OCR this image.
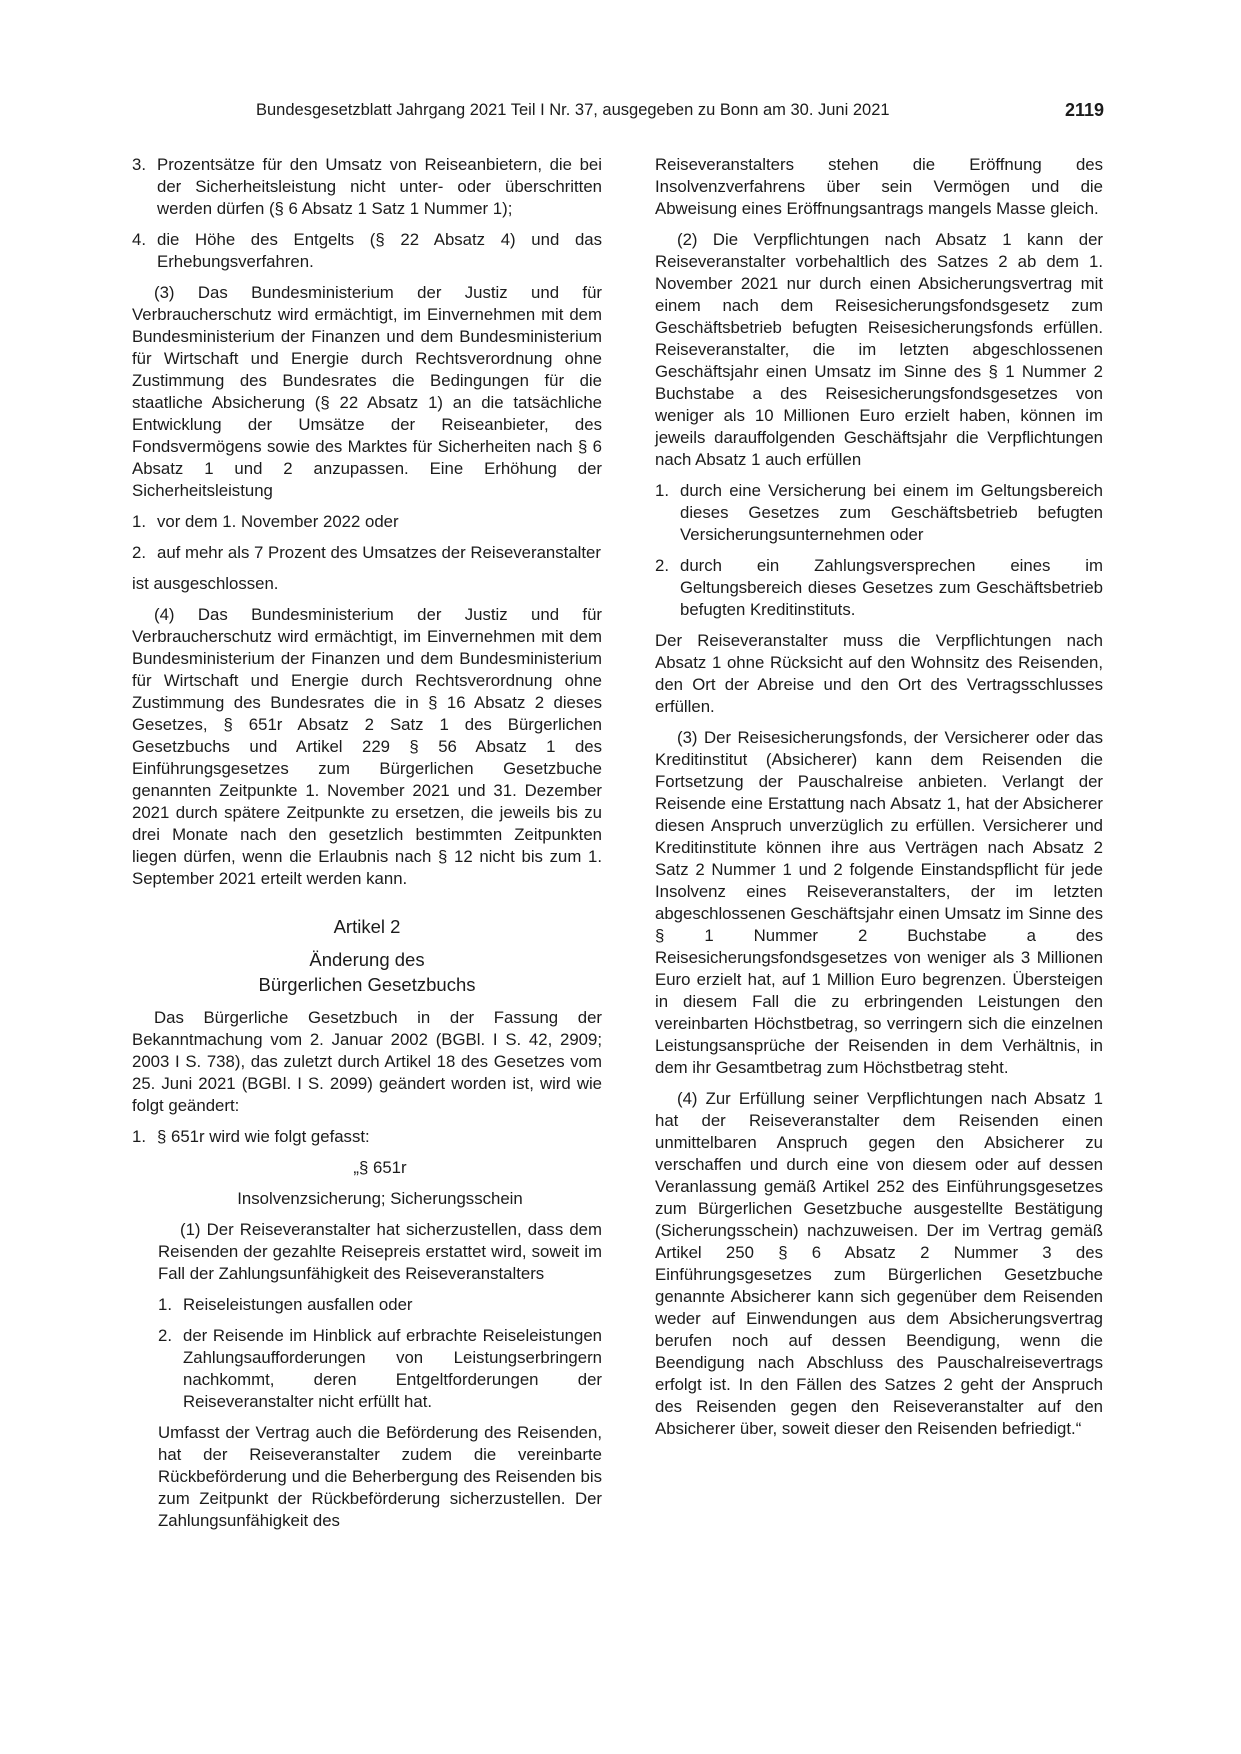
Bundesgesetzblatt Jahrgang 2021 Teil I Nr. 37, ausgegeben zu Bonn am 30. Juni 2021	2119
3. Prozentsätze für den Umsatz von Reiseanbietern, die bei der Sicherheitsleistung nicht unter- oder überschritten werden dürfen (§ 6 Absatz 1 Satz 1 Nummer 1);
4. die Höhe des Entgelts (§ 22 Absatz 4) und das Erhebungsverfahren.

(3) Das Bundesministerium der Justiz und für Verbraucherschutz wird ermächtigt, im Einvernehmen mit dem Bundesministerium der Finanzen und dem Bundesministerium für Wirtschaft und Energie durch Rechtsverordnung ohne Zustimmung des Bundesrates die Bedingungen für die staatliche Absicherung (§ 22 Absatz 1) an die tatsächliche Entwicklung der Umsätze der Reiseanbieter, des Fondsvermögens sowie des Marktes für Sicherheiten nach § 6 Absatz 1 und 2 anzupassen. Eine Erhöhung der Sicherheitsleistung

1. vor dem 1. November 2022 oder
2. auf mehr als 7 Prozent des Umsatzes der Reiseveranstalter

ist ausgeschlossen.

(4) Das Bundesministerium der Justiz und für Verbraucherschutz wird ermächtigt, im Einvernehmen mit dem Bundesministerium der Finanzen und dem Bundesministerium für Wirtschaft und Energie durch Rechtsverordnung ohne Zustimmung des Bundesrates die in § 16 Absatz 2 dieses Gesetzes, § 651r Absatz 2 Satz 1 des Bürgerlichen Gesetzbuchs und Artikel 229 § 56 Absatz 1 des Einführungsgesetzes zum Bürgerlichen Gesetzbuche genannten Zeitpunkte 1. November 2021 und 31. Dezember 2021 durch spätere Zeitpunkte zu ersetzen, die jeweils bis zu drei Monate nach den gesetzlich bestimmten Zeitpunkten liegen dürfen, wenn die Erlaubnis nach § 12 nicht bis zum 1. September 2021 erteilt werden kann.

Artikel 2
Änderung des
Bürgerlichen Gesetzbuchs

Das Bürgerliche Gesetzbuch in der Fassung der Bekanntmachung vom 2. Januar 2002 (BGBl. I S. 42, 2909; 2003 I S. 738), das zuletzt durch Artikel 18 des Gesetzes vom 25. Juni 2021 (BGBl. I S. 2099) geändert worden ist, wird wie folgt geändert:

1. § 651r wird wie folgt gefasst:
„§ 651r
Insolvenzsicherung; Sicherungsschein

(1) Der Reiseveranstalter hat sicherzustellen, dass dem Reisenden der gezahlte Reisepreis erstattet wird, soweit im Fall der Zahlungsunfähigkeit des Reiseveranstalters

1. Reiseleistungen ausfallen oder
2. der Reisende im Hinblick auf erbrachte Reiseleistungen Zahlungsaufforderungen von Leistungserbringern nachkommt, deren Entgeltforderungen der Reiseveranstalter nicht erfüllt hat.

Umfasst der Vertrag auch die Beförderung des Reisenden, hat der Reiseveranstalter zudem die vereinbarte Rückbeförderung und die Beherbergung des Reisenden bis zum Zeitpunkt der Rückbeförderung sicherzustellen. Der Zahlungsunfähigkeit des

Reiseveranstalters stehen die Eröffnung des Insolvenzverfahrens über sein Vermögen und die Abweisung eines Eröffnungsantrags mangels Masse gleich.

(2) Die Verpflichtungen nach Absatz 1 kann der Reiseveranstalter vorbehaltlich des Satzes 2 ab dem 1. November 2021 nur durch einen Absicherungsvertrag mit einem nach dem Reisesicherungsfondsgesetz zum Geschäftsbetrieb befugten Reisesicherungsfonds erfüllen. Reiseveranstalter, die im letzten abgeschlossenen Geschäftsjahr einen Umsatz im Sinne des § 1 Nummer 2 Buchstabe a des Reisesicherungsfondsgesetzes von weniger als 10 Millionen Euro erzielt haben, können im jeweils darauffolgenden Geschäftsjahr die Verpflichtungen nach Absatz 1 auch erfüllen

1. durch eine Versicherung bei einem im Geltungsbereich dieses Gesetzes zum Geschäftsbetrieb befugten Versicherungsunternehmen oder
2. durch ein Zahlungsversprechen eines im Geltungsbereich dieses Gesetzes zum Geschäftsbetrieb befugten Kreditinstituts.

Der Reiseveranstalter muss die Verpflichtungen nach Absatz 1 ohne Rücksicht auf den Wohnsitz des Reisenden, den Ort der Abreise und den Ort des Vertragsschlusses erfüllen.

(3) Der Reisesicherungsfonds, der Versicherer oder das Kreditinstitut (Absicherer) kann dem Reisenden die Fortsetzung der Pauschalreise anbieten. Verlangt der Reisende eine Erstattung nach Absatz 1, hat der Absicherer diesen Anspruch unverzüglich zu erfüllen. Versicherer und Kreditinstitute können ihre aus Verträgen nach Absatz 2 Satz 2 Nummer 1 und 2 folgende Einstandspflicht für jede Insolvenz eines Reiseveranstalters, der im letzten abgeschlossenen Geschäftsjahr einen Umsatz im Sinne des § 1 Nummer 2 Buchstabe a des Reisesicherungsfondsgesetzes von weniger als 3 Millionen Euro erzielt hat, auf 1 Million Euro begrenzen. Übersteigen in diesem Fall die zu erbringenden Leistungen den vereinbarten Höchstbetrag, so verringern sich die einzelnen Leistungsansprüche der Reisenden in dem Verhältnis, in dem ihr Gesamtbetrag zum Höchstbetrag steht.

(4) Zur Erfüllung seiner Verpflichtungen nach Absatz 1 hat der Reiseveranstalter dem Reisenden einen unmittelbaren Anspruch gegen den Absicherer zu verschaffen und durch eine von diesem oder auf dessen Veranlassung gemäß Artikel 252 des Einführungsgesetzes zum Bürgerlichen Gesetzbuche ausgestellte Bestätigung (Sicherungsschein) nachzuweisen. Der im Vertrag gemäß Artikel 250 § 6 Absatz 2 Nummer 3 des Einführungsgesetzes zum Bürgerlichen Gesetzbuche genannte Absicherer kann sich gegenüber dem Reisenden weder auf Einwendungen aus dem Absicherungsvertrag berufen noch auf dessen Beendigung, wenn die Beendigung nach Abschluss des Pauschalreisevertrags erfolgt ist. In den Fällen des Satzes 2 geht der Anspruch des Reisenden gegen den Reiseveranstalter auf den Absicherer über, soweit dieser den Reisenden befriedigt.“
